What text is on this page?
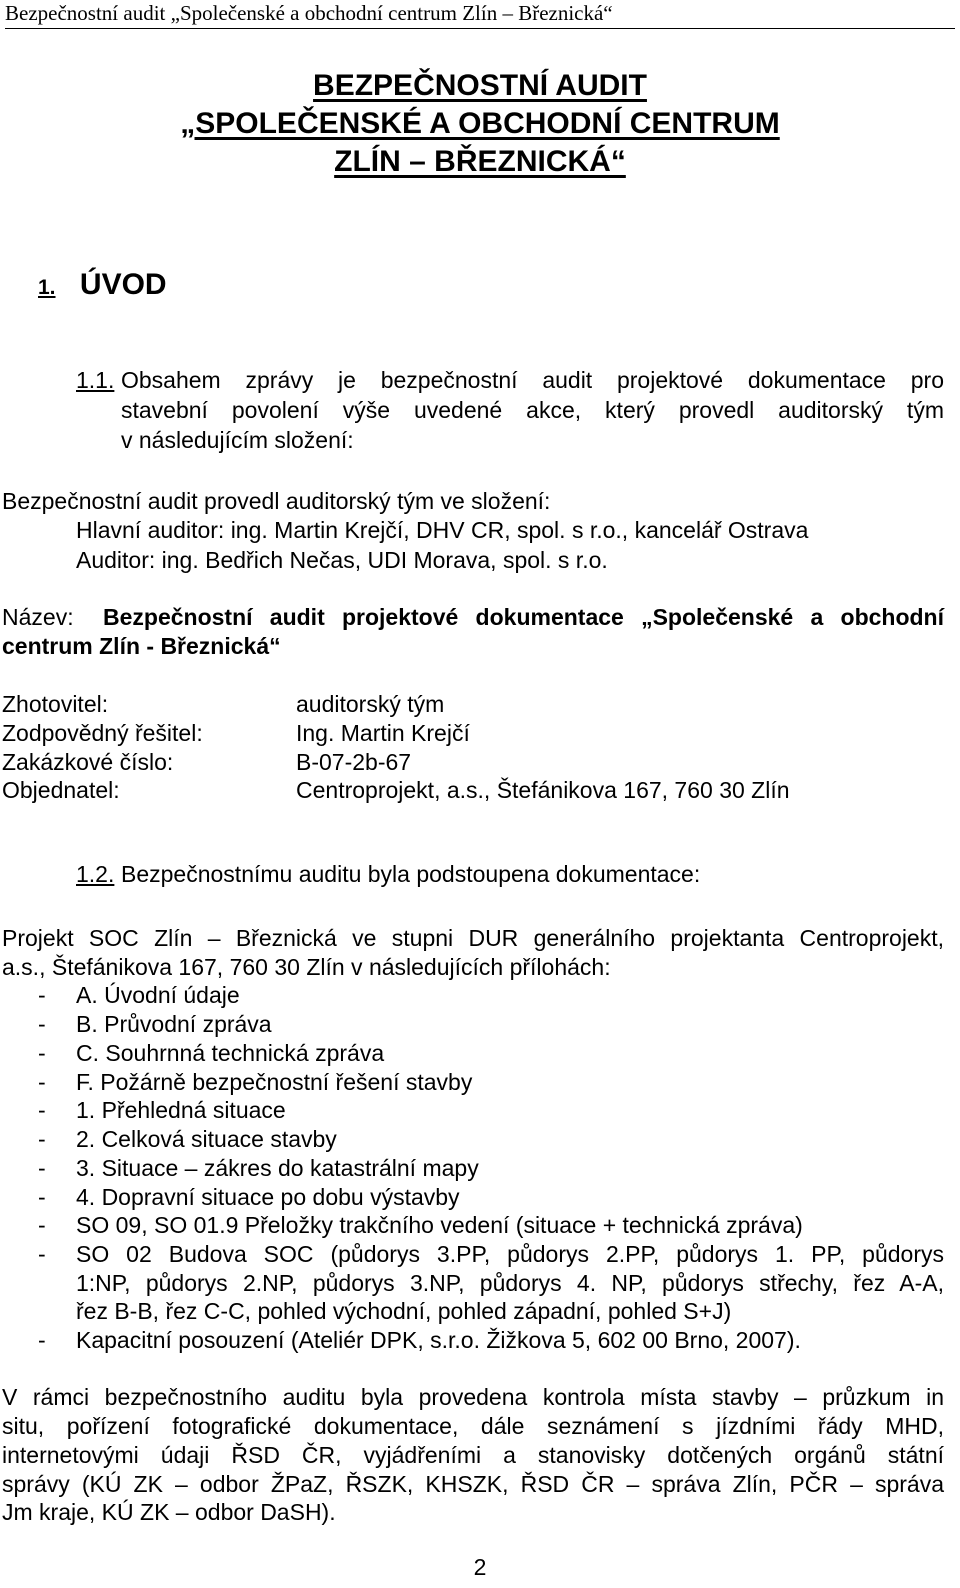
Bezpečnostní audit „Společenské a obchodní centrum Zlín – Březnická“
BEZPEČNOSTNÍ AUDIT
„SPOLEČENSKÉ A OBCHODNÍ CENTRUM
ZLÍN – BŘEZNICKÁ“
1. ÚVOD
1.1. Obsahem zprávy je bezpečnostní audit projektové dokumentace pro
stavební povolení výše uvedené akce, který provedl auditorský tým
v následujícím složení:
Bezpečnostní audit provedl auditorský tým ve složení:
Hlavní auditor: ing. Martin Krejčí, DHV CR, spol. s r.o., kancelář Ostrava
Auditor: ing. Bedřich Nečas, UDI Morava, spol. s r.o.
Název: Bezpečnostní audit projektové dokumentace „Společenské a obchodní
centrum Zlín - Březnická“
Zhotovitel:	auditorský tým
Zodpovědný řešitel:	Ing. Martin Krejčí
Zakázkové číslo:	B-07-2b-67
Objednatel:	Centroprojekt, a.s., Štefánikova 167, 760 30 Zlín
1.2. Bezpečnostnímu auditu byla podstoupena dokumentace:
Projekt SOC Zlín – Březnická ve stupni DUR generálního projektanta Centroprojekt,
a.s., Štefánikova 167, 760 30 Zlín v následujících přílohách:
- A. Úvodní údaje
- B. Průvodní zpráva
- C. Souhrnná technická zpráva
- F. Požárně bezpečnostní řešení stavby
- 1. Přehledná situace
- 2. Celková situace stavby
- 3. Situace – zákres do katastrální mapy
- 4. Dopravní situace po dobu výstavby
- SO 09, SO 01.9 Přeložky trakčního vedení (situace + technická zpráva)
- SO 02 Budova SOC (půdorys 3.PP, půdorys 2.PP, půdorys 1. PP, půdorys
1:NP, půdorys 2.NP, půdorys 3.NP, půdorys 4. NP, půdorys střechy, řez A-A,
řez B-B, řez C-C, pohled východní, pohled západní, pohled S+J)
- Kapacitní posouzení (Ateliér DPK, s.r.o. Žižkova 5, 602 00 Brno, 2007).
V rámci bezpečnostního auditu byla provedena kontrola místa stavby – průzkum in
situ, pořízení fotografické dokumentace, dále seznámení s jízdními řády MHD,
internetovými údaji ŘSD ČR, vyjádřeními a stanovisky dotčených orgánů státní
správy (KÚ ZK – odbor ŽPaZ, ŘSZK, KHSZK, ŘSD ČR – správa Zlín, PČR – správa
Jm kraje, KÚ ZK – odbor DaSH).
2
